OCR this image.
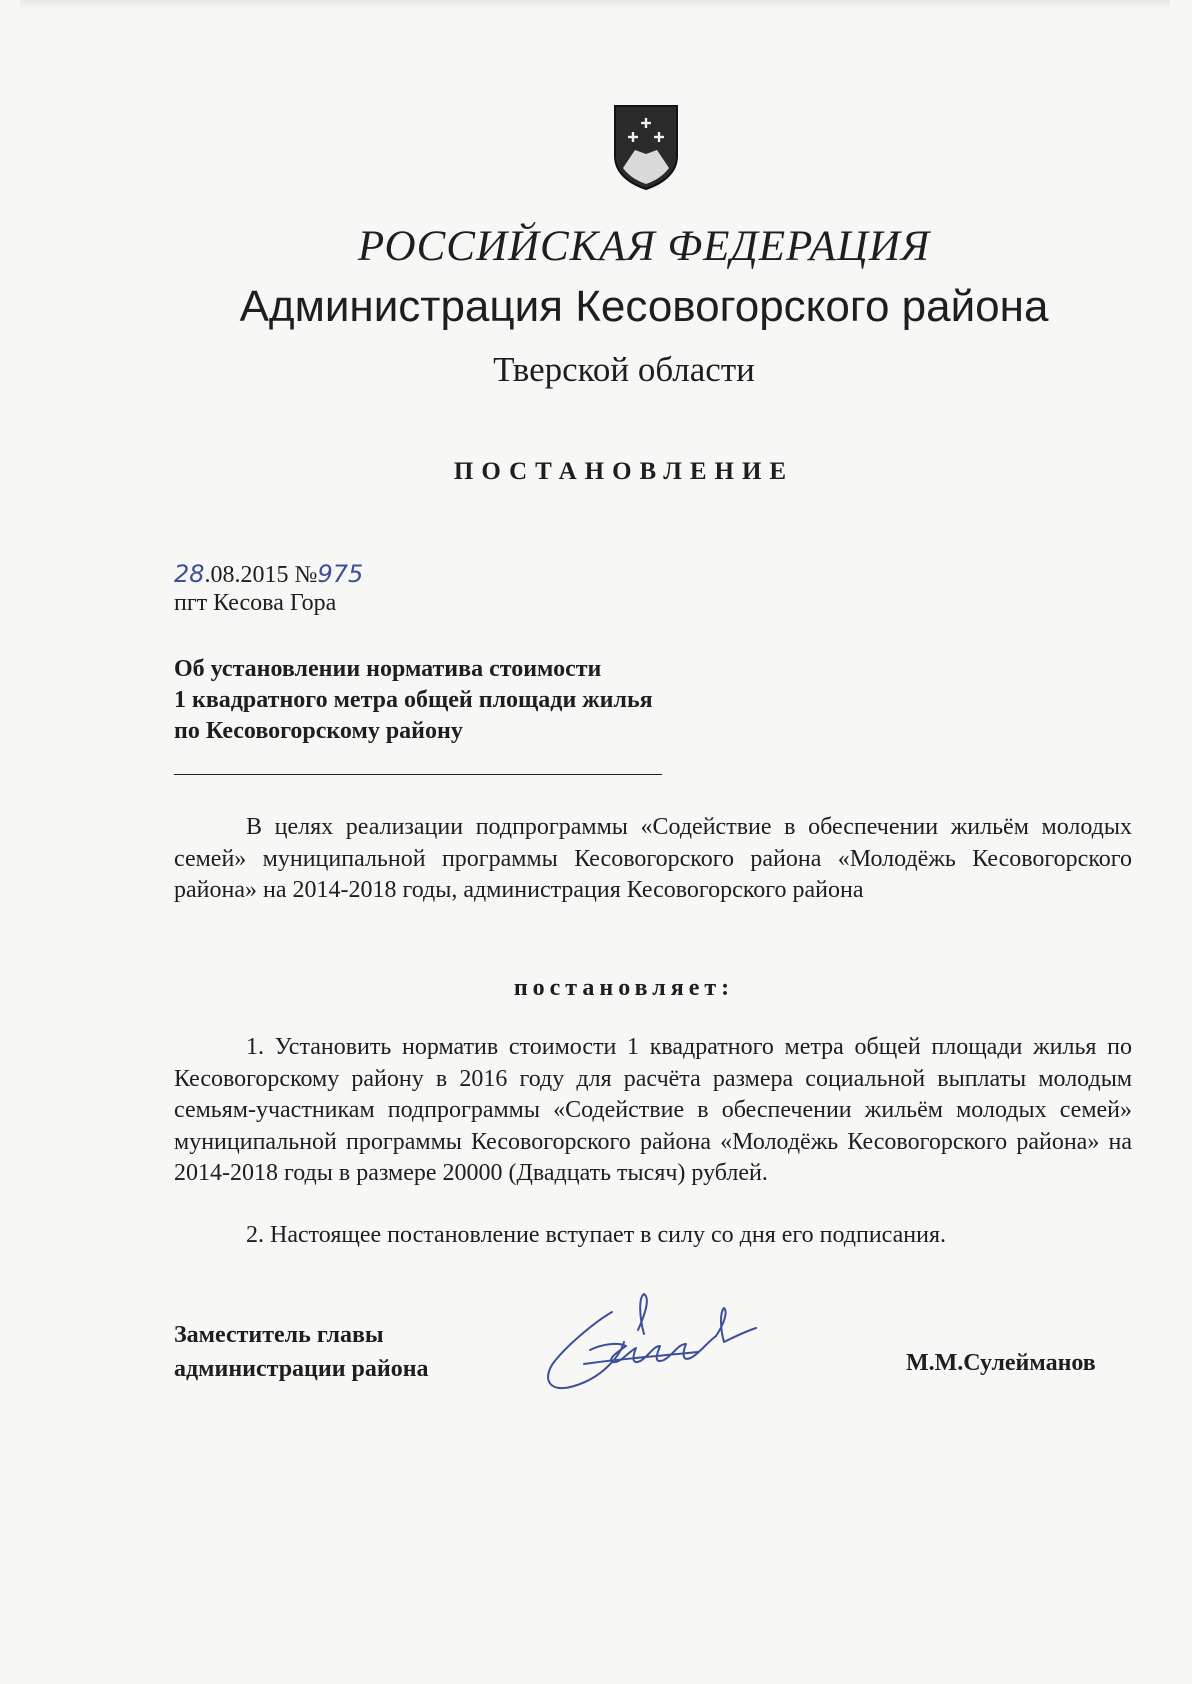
РОССИЙСКАЯ ФЕДЕРАЦИЯ
Администрация Кесовогорского района
Тверской области
ПОСТАНОВЛЕНИЕ
28.08.2015 №975
пгт Кесова Гора
Об установлении норматива стоимости
1 квадратного метра общей площади жилья
по Кесовогорскому району
В целях реализации подпрограммы «Содействие в обеспечении жильём молодых семей» муниципальной программы Кесовогорского района «Молодёжь Кесовогорского района» на 2014-2018 годы, администрация Кесовогорского района
постановляет:
1. Установить норматив стоимости 1 квадратного метра общей площади жилья по Кесовогорскому району в 2016 году для расчёта размера социальной выплаты молодым семьям-участникам подпрограммы «Содействие в обеспечении жильём молодых семей» муниципальной программы Кесовогорского района «Молодёжь Кесовогорского района» на 2014-2018 годы в размере 20000 (Двадцать тысяч) рублей.
2. Настоящее постановление вступает в силу со дня его подписания.
Заместитель главы
администрации района	М.М.Сулейманов
